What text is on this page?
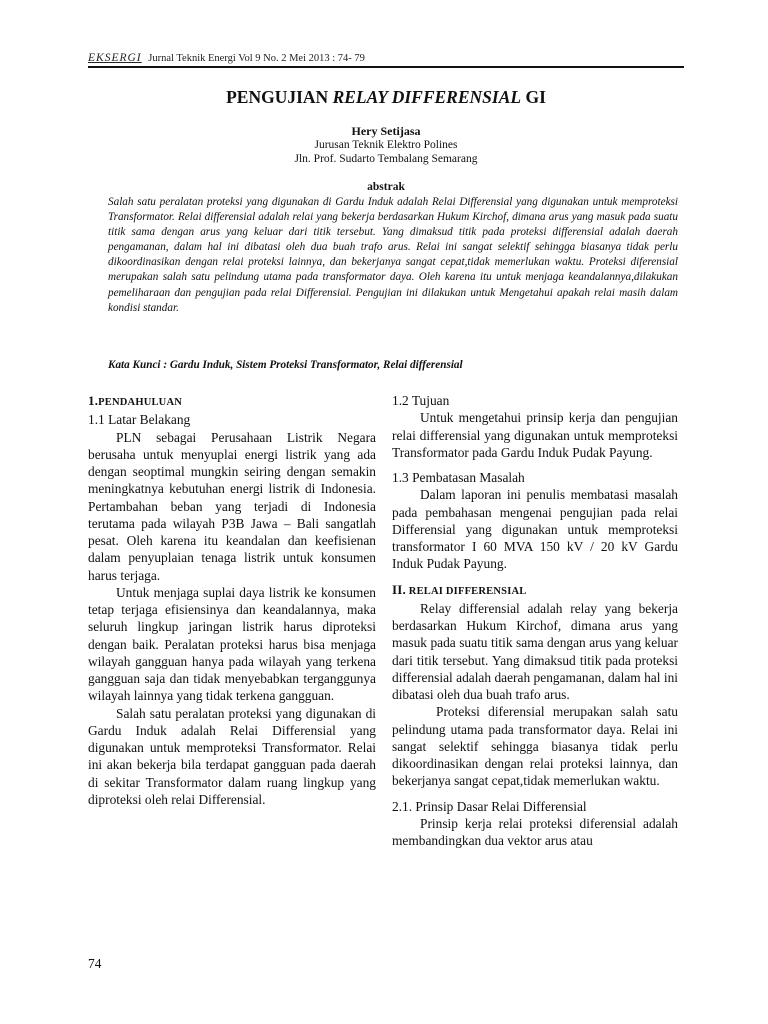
EKSERGI Jurnal Teknik Energi Vol 9 No. 2 Mei 2013 : 74- 79
PENGUJIAN RELAY DIFFERENSIAL GI
Hery Setijasa
Jurusan Teknik Elektro Polines
Jln. Prof. Sudarto Tembalang Semarang
abstrak
Salah satu peralatan proteksi yang digunakan di Gardu Induk adalah Relai Differensial yang digunakan untuk memproteksi Transformator. Relai differensial adalah relai yang bekerja berdasarkan Hukum Kirchof, dimana arus yang masuk pada suatu titik sama dengan arus yang keluar dari titik tersebut. Yang dimaksud titik pada proteksi differensial adalah daerah pengamanan, dalam hal ini dibatasi oleh dua buah trafo arus. Relai ini sangat selektif sehingga biasanya tidak perlu dikoordinasikan dengan relai proteksi lainnya, dan bekerjanya sangat cepat,tidak memerlukan waktu. Proteksi diferensial merupakan salah satu pelindung utama pada transformator daya. Oleh karena itu untuk menjaga keandalannya,dilakukan pemeliharaan dan pengujian pada relai Differensial. Pengujian ini dilakukan untuk Mengetahui apakah relai masih dalam kondisi standar.
Kata Kunci : Gardu Induk, Sistem Proteksi Transformator, Relai differensial
1.PENDAHULUAN

1.1 Latar Belakang

PLN sebagai Perusahaan Listrik Negara berusaha untuk menyuplai energi listrik yang ada dengan seoptimal mungkin seiring dengan semakin meningkatnya kebutuhan energi listrik di Indonesia. Pertambahan beban yang terjadi di Indonesia terutama pada wilayah P3B Jawa – Bali sangatlah pesat. Oleh karena itu keandalan dan keefisienan dalam penyuplaian tenaga listrik untuk konsumen harus terjaga.

Untuk menjaga suplai daya listrik ke konsumen tetap terjaga efisiensinya dan keandalannya, maka seluruh lingkup jaringan listrik harus diproteksi dengan baik. Peralatan proteksi harus bisa menjaga wilayah gangguan hanya pada wilayah yang terkena gangguan saja dan tidak menyebabkan terganggunya wilayah lainnya yang tidak terkena gangguan.

Salah satu peralatan proteksi yang digunakan di Gardu Induk adalah Relai Differensial yang digunakan untuk memproteksi Transformator. Relai ini akan bekerja bila terdapat gangguan pada daerah di sekitar Transformator dalam ruang lingkup yang diproteksi oleh relai Differensial.

1.2 Tujuan

Untuk mengetahui prinsip kerja dan pengujian relai differensial yang digunakan untuk memproteksi Transformator pada Gardu Induk Pudak Payung.

1.3 Pembatasan Masalah

Dalam laporan ini penulis membatasi masalah pada pembahasan mengenai pengujian pada relai Differensial yang digunakan untuk memproteksi transformator I 60 MVA 150 kV / 20 kV Gardu Induk Pudak Payung.

II. RELAI DIFFERENSIAL

Relay differensial adalah relay yang bekerja berdasarkan Hukum Kirchof, dimana arus yang masuk pada suatu titik sama dengan arus yang keluar dari titik tersebut. Yang dimaksud titik pada proteksi differensial adalah daerah pengamanan, dalam hal ini dibatasi oleh dua buah trafo arus.

Proteksi diferensial merupakan salah satu pelindung utama pada transformator daya. Relai ini sangat selektif sehingga biasanya tidak perlu dikoordinasikan dengan relai proteksi lainnya, dan bekerjanya sangat cepat,tidak memerlukan waktu.

2.1. Prinsip Dasar Relai Differensial

Prinsip kerja relai proteksi diferensial adalah membandingkan dua vektor arus atau

74
